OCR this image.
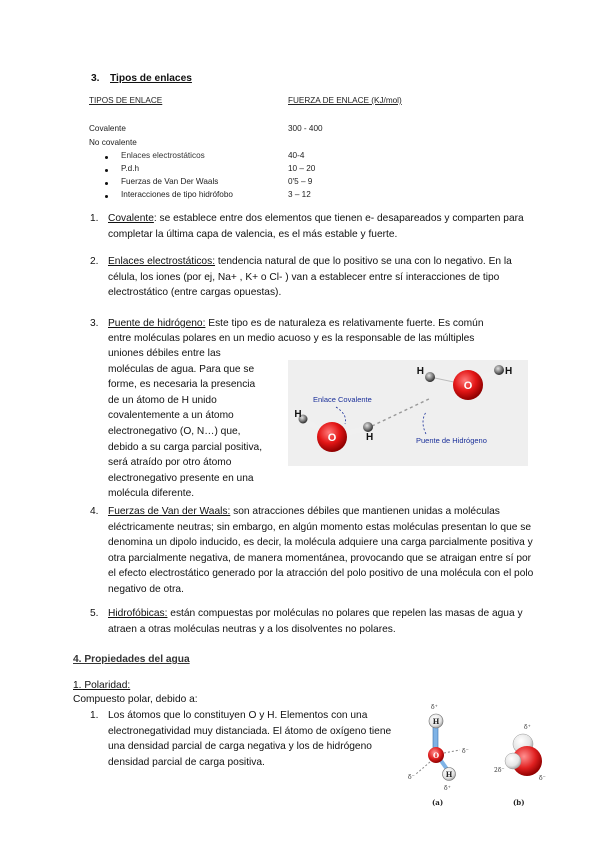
3. Tipos de enlaces
TIPOS DE ENLACE	FUERZA DE ENLACE (KJ/mol)
Covalente	300 - 400
No covalente
Enlaces electrostáticos	40-4
P.d.h	10 – 20
Fuerzas de Van Der Waals	0'5 – 9
Interacciones de tipo hidrófobo	3 – 12
1. Covalente: se establece entre dos elementos que tienen e- desapareados y comparten para completar la última capa de valencia, es el más estable y fuerte.
2. Enlaces electrostáticos: tendencia natural de que lo positivo se una con lo negativo. En la célula, los iones (por ej, Na+ , K+ o Cl- ) van a establecer entre sí interacciones de tipo electrostático (entre cargas opuestas).
3. Puente de hidrógeno: Este tipo es de naturaleza es relativamente fuerte. Es común
entre moléculas polares en un medio acuoso y es la responsable de las múltiples
uniones débiles entre las
moléculas de agua. Para que se
forme, es necesaria la presencia
de un átomo de H unido
covalentemente a un átomo
electronegativo (O, N…) que,
debido a su carga parcial positiva,
será atraído por otro átomo
electronegativo presente en una
molécula diferente.
O
H	H
O
H
H
Enlace Covalente
Puente de Hidrógeno
4. Fuerzas de Van der Waals: son atracciones débiles que mantienen unidas a moléculas eléctricamente neutras; sin embargo, en algún momento estas moléculas presentan lo que se denomina un dipolo inducido, es decir, la molécula adquiere una carga parcialmente positiva y otra parcialmente negativa, de manera momentánea, provocando que se atraigan entre sí por el efecto electrostático generado por la atracción del polo positivo de una molécula con el polo negativo de otra.
5. Hidrofóbicas: están compuestas por moléculas no polares que repelen las masas de agua y atraen a otras moléculas neutras y a los disolventes no polares.
4. Propiedades del agua
1. Polaridad:
Compuesto polar, debido a:
1. Los átomos que lo constituyen O y H. Elementos con una electronegatividad muy distanciada. El átomo de oxígeno tiene una densidad parcial de carga negativa y los de hidrógeno densidad parcial de carga positiva.
H
O
H
δ⁺
δ⁻
δ⁻
δ⁺
(a)
δ⁺
2δ⁻
δ⁻
(b)
